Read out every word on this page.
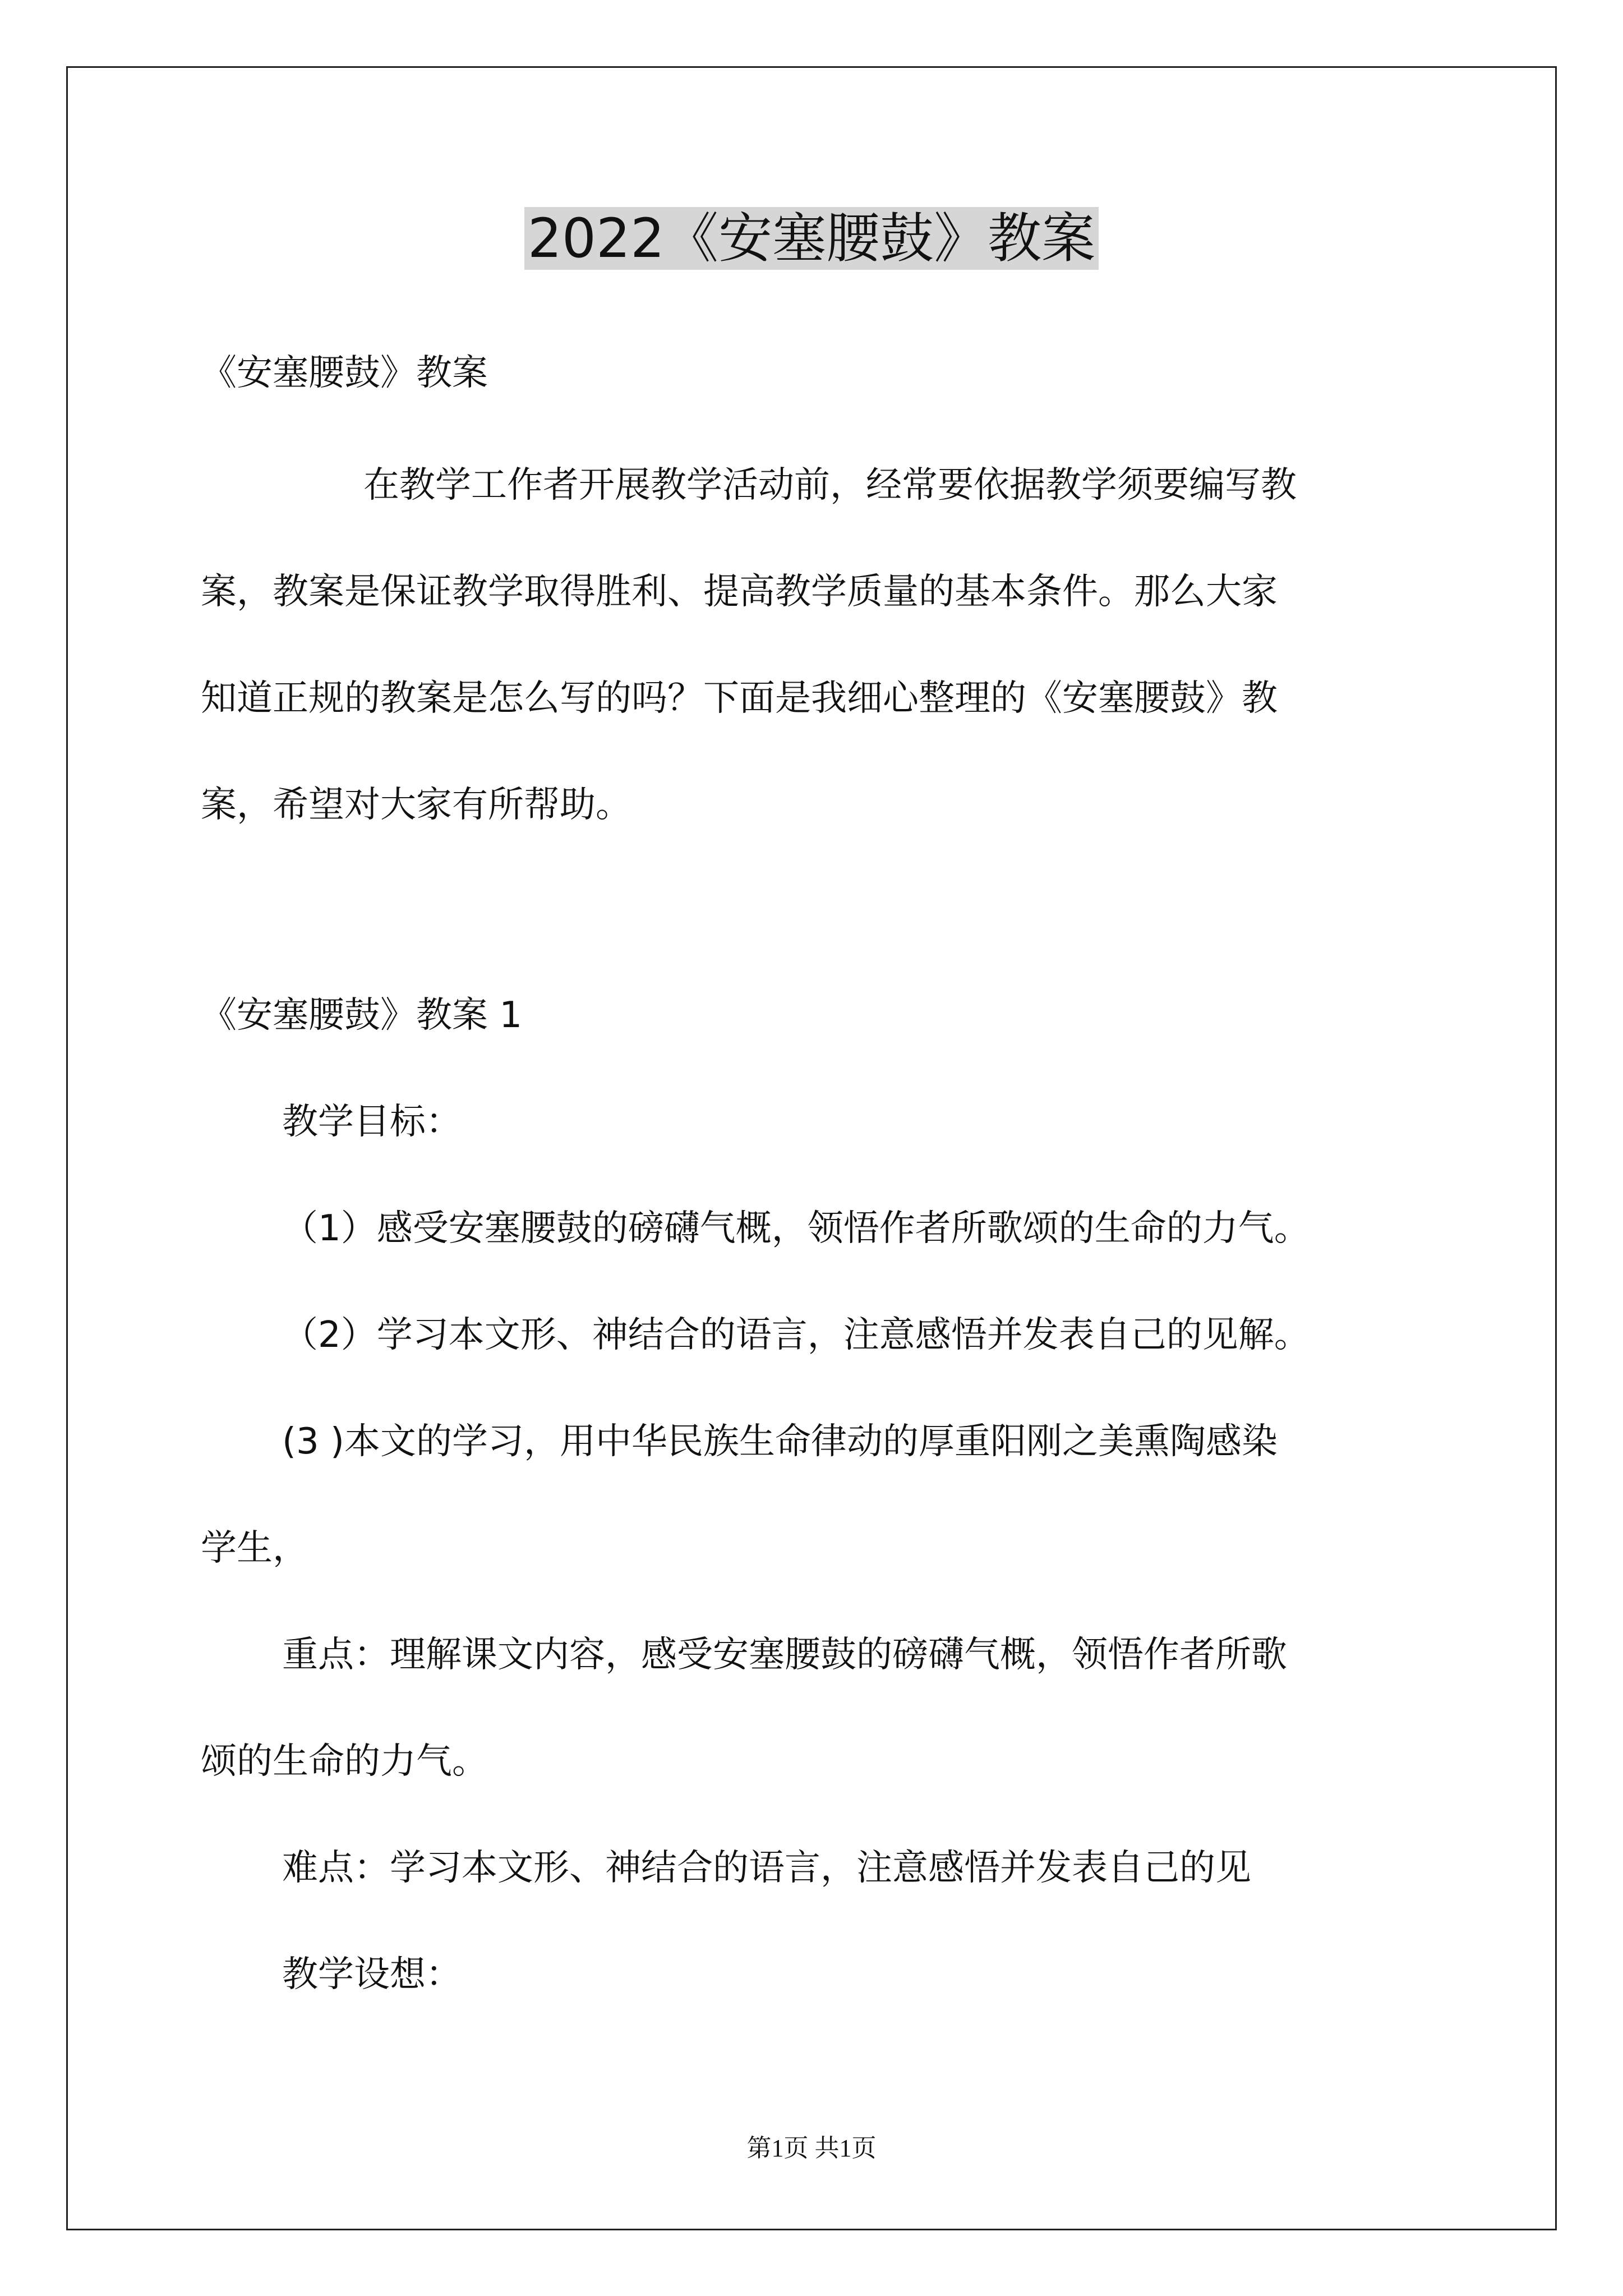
2022《安塞腰鼓》教案
《安塞腰鼓》教案
在教学工作者开展教学活动前，经常要依据教学须要编写教
案，教案是保证教学取得胜利、提高教学质量的基本条件。那么大家
知道正规的教案是怎么写的吗？下面是我细心整理的《安塞腰鼓》教
案，希望对大家有所帮助。
《安塞腰鼓》教案 1
教学目标：
（1）感受安塞腰鼓的磅礴气概，领悟作者所歌颂的生命的力气。
（2）学习本文形、神结合的语言，注意感悟并发表自己的见解。
(3 )本文的学习，用中华民族生命律动的厚重阳刚之美熏陶感染
学生，
重点：理解课文内容，感受安塞腰鼓的磅礴气概，领悟作者所歌
颂的生命的力气。
难点：学习本文形、神结合的语言，注意感悟并发表自己的见
教学设想：
第1页 共1页
